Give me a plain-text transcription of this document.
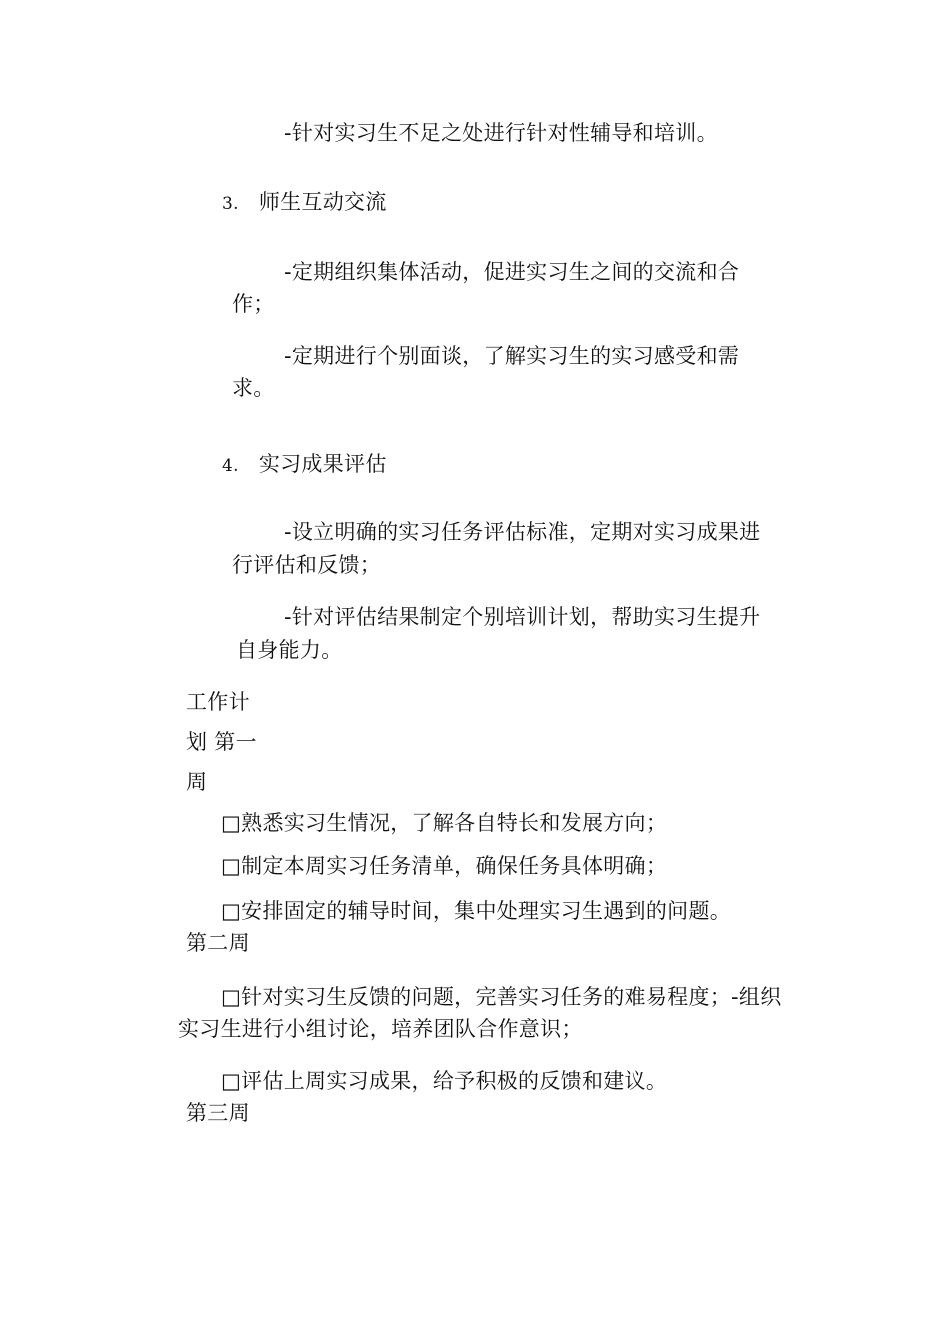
-针对实习生不足之处进行针对性辅导和培训。
3. 师生互动交流
-定期组织集体活动，促进实习生之间的交流和合
作；
-定期进行个别面谈，了解实习生的实习感受和需
求。
4. 实习成果评估
-设立明确的实习任务评估标准，定期对实习成果进
行评估和反馈；
-针对评估结果制定个别培训计划，帮助实习生提升
自身能力。
工作计
划 第一
周
□熟悉实习生情况，了解各自特长和发展方向；
□制定本周实习任务清单，确保任务具体明确；
□安排固定的辅导时间，集中处理实习生遇到的问题。
第二周
□针对实习生反馈的问题，完善实习任务的难易程度；-组织
实习生进行小组讨论，培养团队合作意识；
□评估上周实习成果，给予积极的反馈和建议。
第三周
